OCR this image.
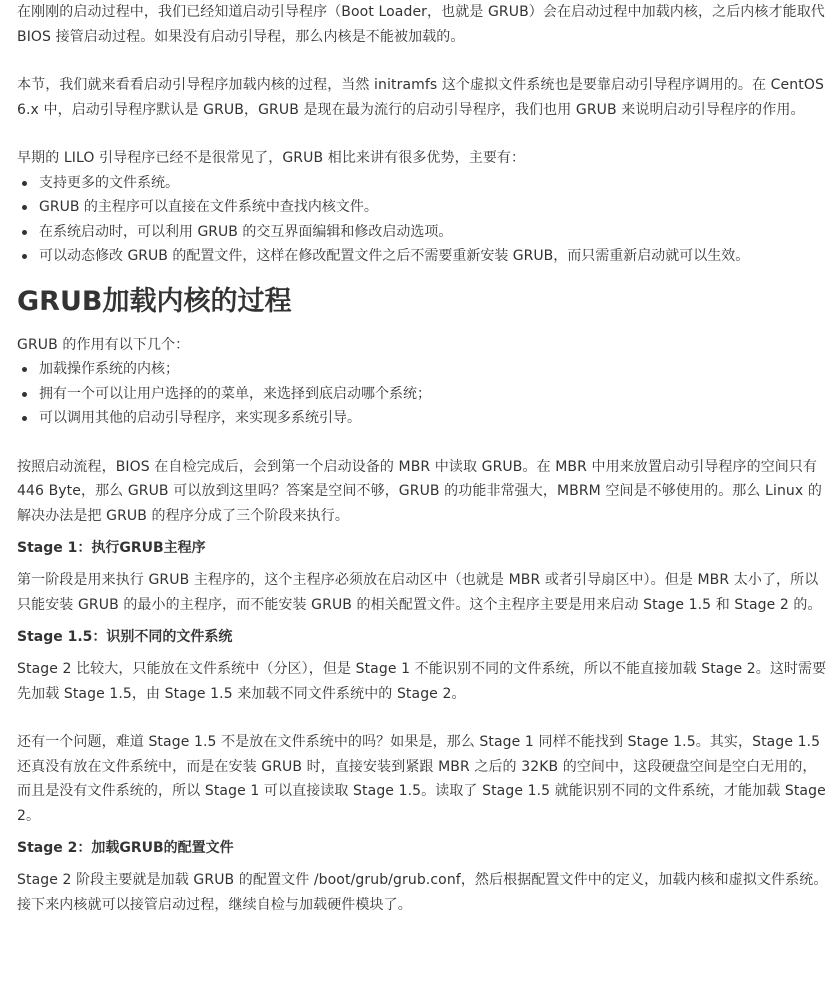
在刚刚的启动过程中，我们已经知道启动引导程序（Boot Loader，也就是 GRUB）会在启动过程中加载内核，之后内核才能取代 BIOS 接管启动过程。如果没有启动引导程，那么内核是不能被加载的。

本节，我们就来看看启动引导程序加载内核的过程，当然 initramfs 这个虚拟文件系统也是要靠启动引导程序调用的。在 CentOS 6.x 中，启动引导程序默认是 GRUB，GRUB 是现在最为流行的启动引导程序，我们也用 GRUB 来说明启动引导程序的作用。

早期的 LILO 引导程序已经不是很常见了，GRUB 相比来讲有很多优势，主要有：

支持更多的文件系统。
GRUB 的主程序可以直接在文件系统中查找内核文件。
在系统启动时，可以利用 GRUB 的交互界面编辑和修改启动选项。
可以动态修改 GRUB 的配置文件，这样在修改配置文件之后不需要重新安装 GRUB，而只需重新启动就可以生效。
GRUB加载内核的过程

GRUB 的作用有以下几个：

加载操作系统的内核；
拥有一个可以让用户选择的的菜单，来选择到底启动哪个系统；
可以调用其他的启动引导程序，来实现多系统引导。

按照启动流程，BIOS 在自检完成后，会到第一个启动设备的 MBR 中读取 GRUB。在 MBR 中用来放置启动引导程序的空间只有 446 Byte，那么 GRUB 可以放到这里吗？答案是空间不够，GRUB 的功能非常强大，MBRM 空间是不够使用的。那么 Linux 的解决办法是把 GRUB 的程序分成了三个阶段来执行。

Stage 1：执行GRUB主程序

第一阶段是用来执行 GRUB 主程序的，这个主程序必须放在启动区中（也就是 MBR 或者引导扇区中）。但是 MBR 太小了，所以只能安装 GRUB 的最小的主程序，而不能安装 GRUB 的相关配置文件。这个主程序主要是用来启动 Stage 1.5 和 Stage 2 的。

Stage 1.5：识别不同的文件系统

Stage 2 比较大，只能放在文件系统中（分区），但是 Stage 1 不能识别不同的文件系统，所以不能直接加载 Stage 2。这时需要先加载 Stage 1.5，由 Stage 1.5 来加载不同文件系统中的 Stage 2。

还有一个问题，难道 Stage 1.5 不是放在文件系统中的吗？如果是，那么 Stage 1 同样不能找到 Stage 1.5。其实，Stage 1.5 还真没有放在文件系统中，而是在安装 GRUB 时，直接安装到紧跟 MBR 之后的 32KB 的空间中，这段硬盘空间是空白无用的，而且是没有文件系统的，所以 Stage 1 可以直接读取 Stage 1.5。读取了 Stage 1.5 就能识别不同的文件系统，才能加载 Stage 2。

Stage 2：加载GRUB的配置文件

Stage 2 阶段主要就是加载 GRUB 的配置文件 /boot/grub/grub.conf，然后根据配置文件中的定义，加载内核和虚拟文件系统。接下来内核就可以接管启动过程，继续自检与加载硬件模块了。
